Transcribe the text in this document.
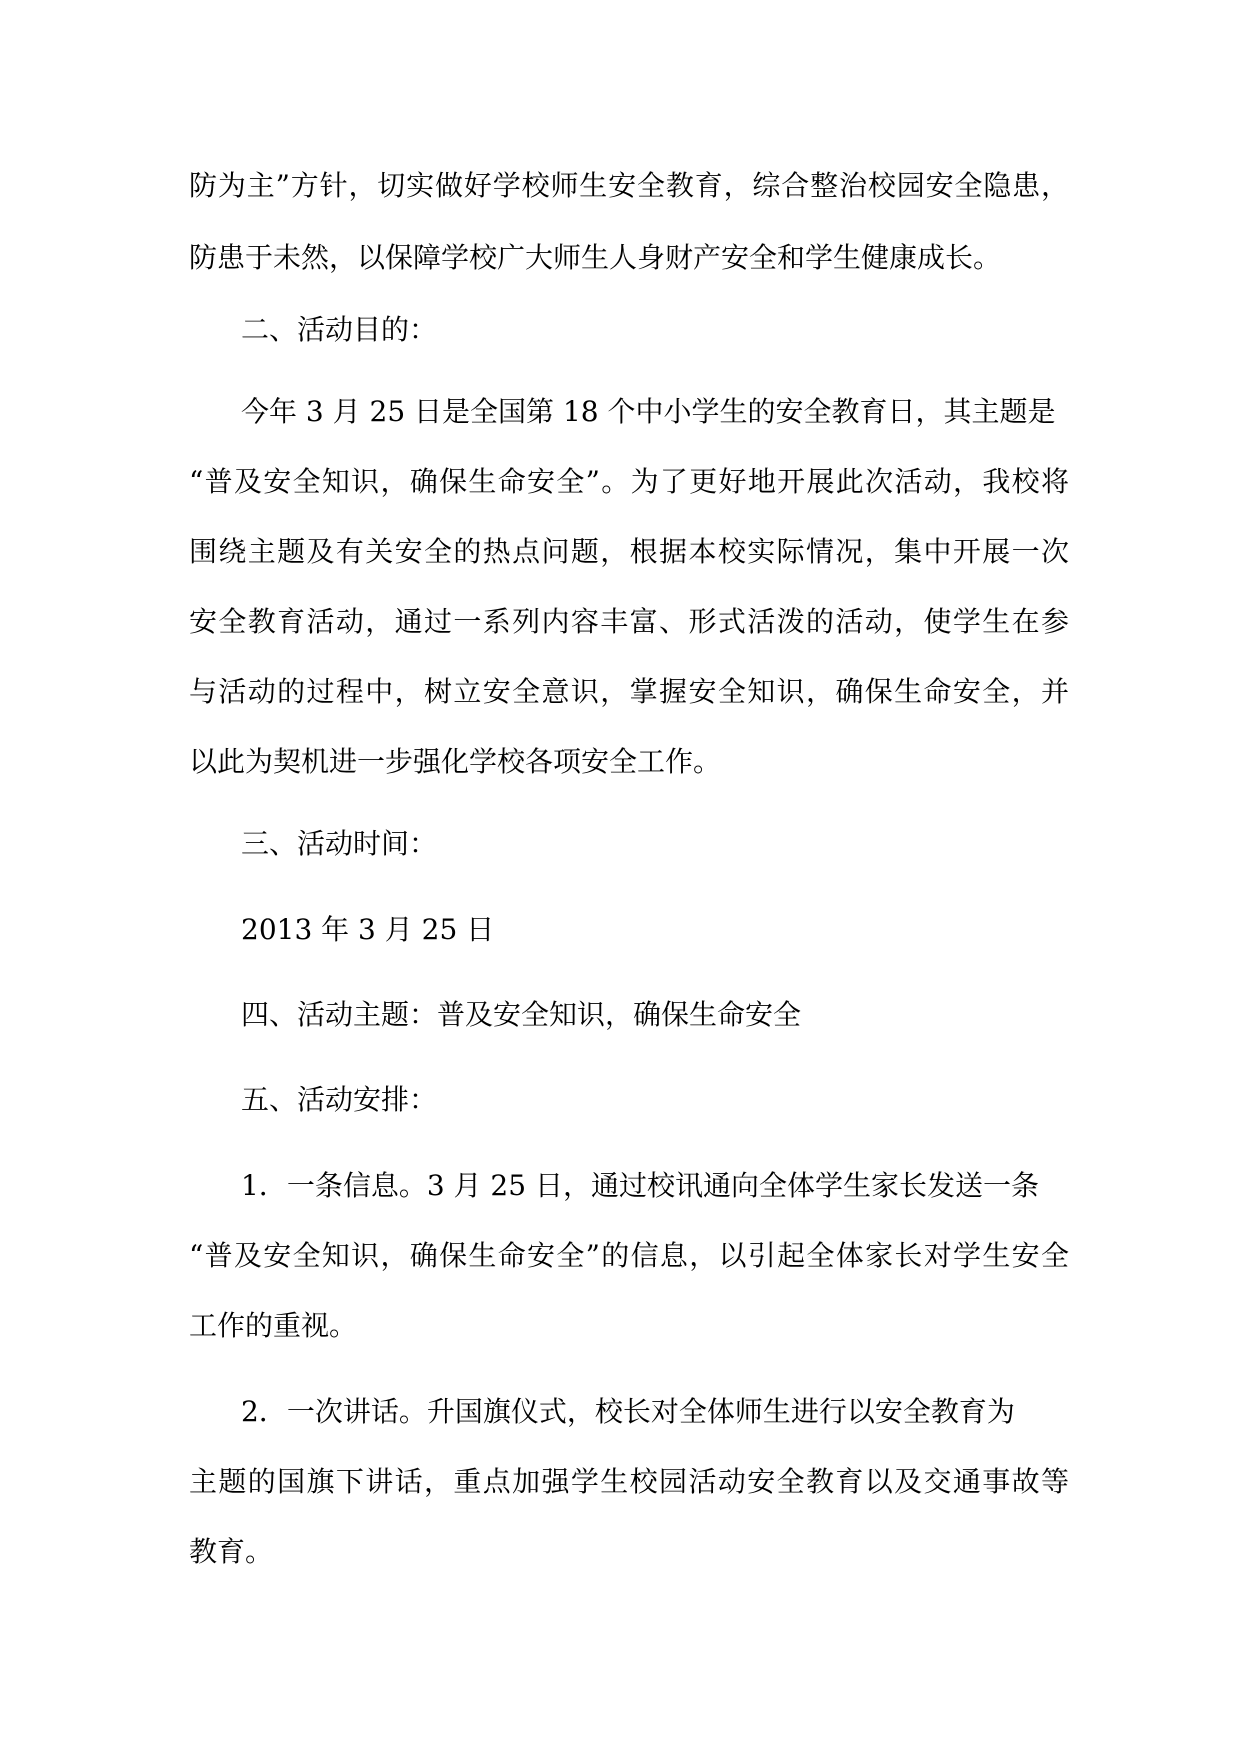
防为主”方针，切实做好学校师生安全教育，综合整治校园安全隐患，
防患于未然，以保障学校广大师生人身财产安全和学生健康成长。
二、活动目的：
今年 3 月 25 日是全国第 18 个中小学生的安全教育日，其主题是
“普及安全知识，确保生命安全”。为了更好地开展此次活动，我校将
围绕主题及有关安全的热点问题，根据本校实际情况，集中开展一次
安全教育活动，通过一系列内容丰富、形式活泼的活动，使学生在参
与活动的过程中，树立安全意识，掌握安全知识，确保生命安全，并
以此为契机进一步强化学校各项安全工作。
三、活动时间：
2013 年 3 月 25 日
四、活动主题：普及安全知识，确保生命安全
五、活动安排：
1．一条信息。3 月 25 日，通过校讯通向全体学生家长发送一条
“普及安全知识，确保生命安全”的信息，以引起全体家长对学生安全
工作的重视。
2．一次讲话。升国旗仪式，校长对全体师生进行以安全教育为
主题的国旗下讲话，重点加强学生校园活动安全教育以及交通事故等
教育。
